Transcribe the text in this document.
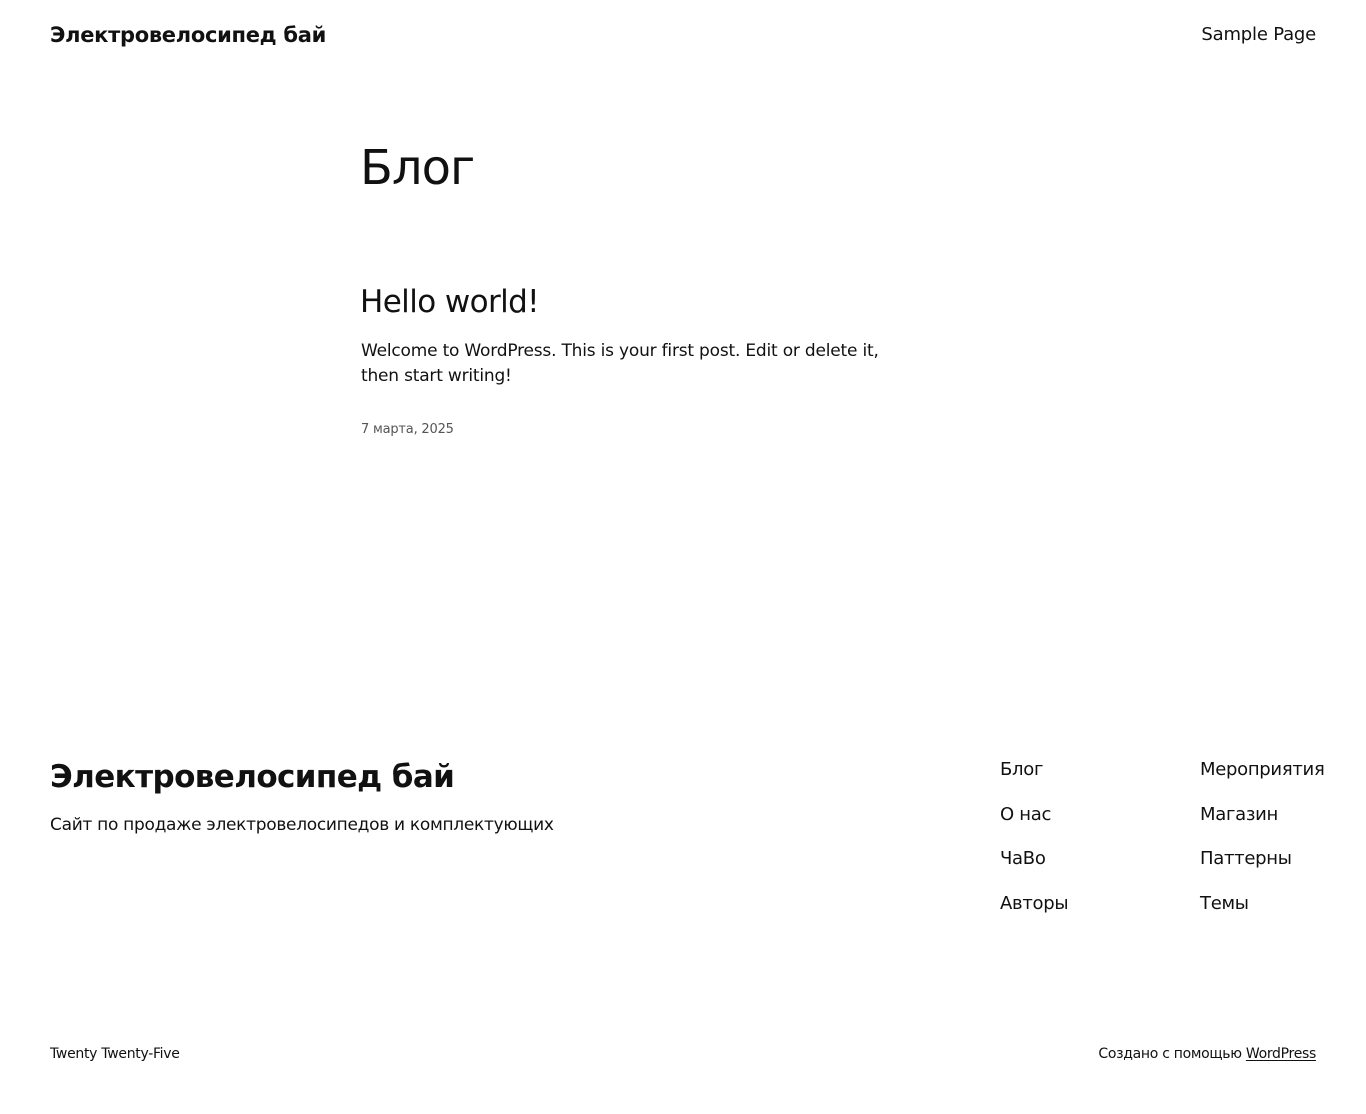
Электровелосипед бай	Sample Page
Блог
Hello world!

Welcome to WordPress. This is your first post. Edit or delete it, then start writing!

7 марта, 2025
Электровелосипед бай
Сайт по продаже электровелосипедов и комплектующих
Блог
О нас
ЧаВо
Авторы
Мероприятия
Магазин
Паттерны
Темы
Twenty Twenty-Five	Создано с помощью WordPress
